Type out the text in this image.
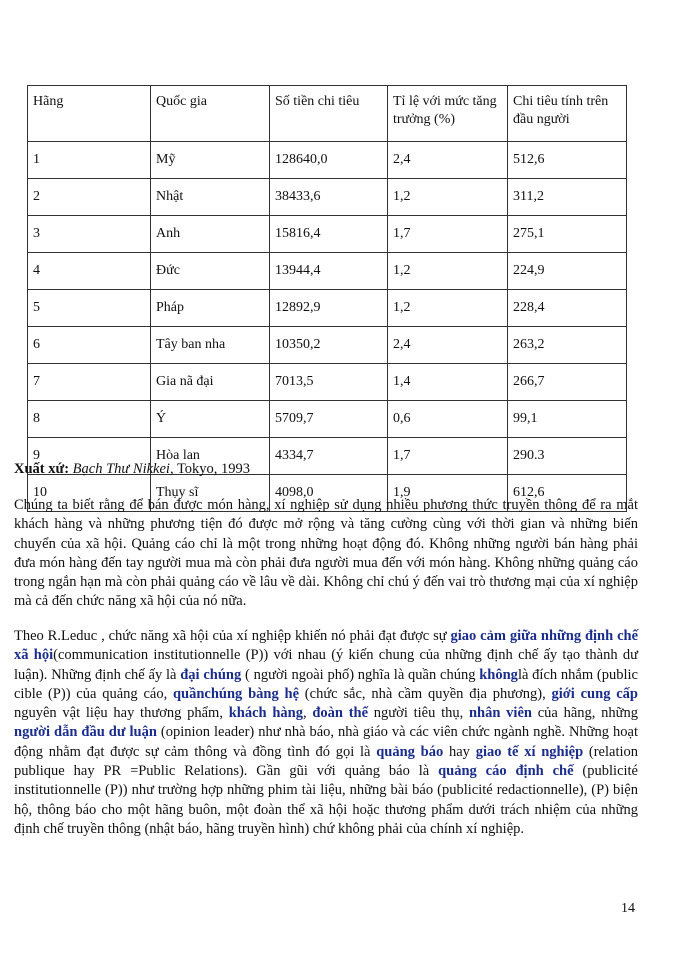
Hãng	Quốc gia	Số tiền chi tiêu	Tỉ lệ với mức tăng trưởng (%)	Chi tiêu tính trên đầu người
1	Mỹ	128640,0	2,4	512,6
2	Nhật	38433,6	1,2	311,2
3	Anh	15816,4	1,7	275,1
4	Đức	13944,4	1,2	224,9
5	Pháp	12892,9	1,2	228,4
6	Tây ban nha	10350,2	2,4	263,2
7	Gia nã đại	7013,5	1,4	266,7
8	Ý	5709,7	0,6	99,1
9	Hòa lan	4334,7	1,7	290.3
10	Thụy sĩ	4098,0	1,9	612,6
Xuất xứ: Bạch Thư Nikkei, Tokyo, 1993

Chúng ta biết rằng để bán được món hàng, xí nghiệp sử dụng nhiều phương thức truyền thông để ra mắt khách hàng và những phương tiện đó được mở rộng và tăng cường cùng với thời gian và những biến chuyển của xã hội. Quảng cáo chỉ là một trong những hoạt động đó. Không những người bán hàng phải đưa món hàng đến tay người mua mà còn phải đưa người mua đến với món hàng. Không những quảng cáo trong ngắn hạn mà còn phải quảng cáo về lâu về dài. Không chỉ chú ý đến vai trò thương mại của xí nghiệp mà cả đến chức năng xã hội của nó nữa.

Theo R.Leduc , chức năng xã hội của xí nghiệp khiến nó phải đạt được sự giao cảm giữa những định chế xã hội(communication institutionnelle (P)) với nhau (ý kiến chung của những định chế ấy tạo thành dư luận). Những định chế ấy là đại chúng ( người ngoài phố) nghĩa là quần chúng khônglà đích nhắm (public cible (P)) của quảng cáo, quầnchúng bàng hệ (chức sắc, nhà cầm quyền địa phương), giới cung cấp nguyên vật liệu hay thương phẩm, khách hàng, đoàn thể người tiêu thụ, nhân viên của hãng, những người dẫn đầu dư luận (opinion leader) như nhà báo, nhà giáo và các viên chức ngành nghề. Những hoạt động nhằm đạt được sự cảm thông và đồng tình đó gọi là quảng báo hay giao tế xí nghiệp (relation publique hay PR =Public Relations). Gần gũi với quảng báo là quảng cáo định chế (publicité institutionnelle (P)) như trường hợp những phim tài liệu, những bài báo (publicité redactionnelle), (P) biện hộ, thông báo cho một hãng buôn, một đoàn thể xã hội hoặc thương phẩm dưới trách nhiệm của những định chế truyền thông (nhật báo, hãng truyền hình) chứ không phải của chính xí nghiệp.

14
